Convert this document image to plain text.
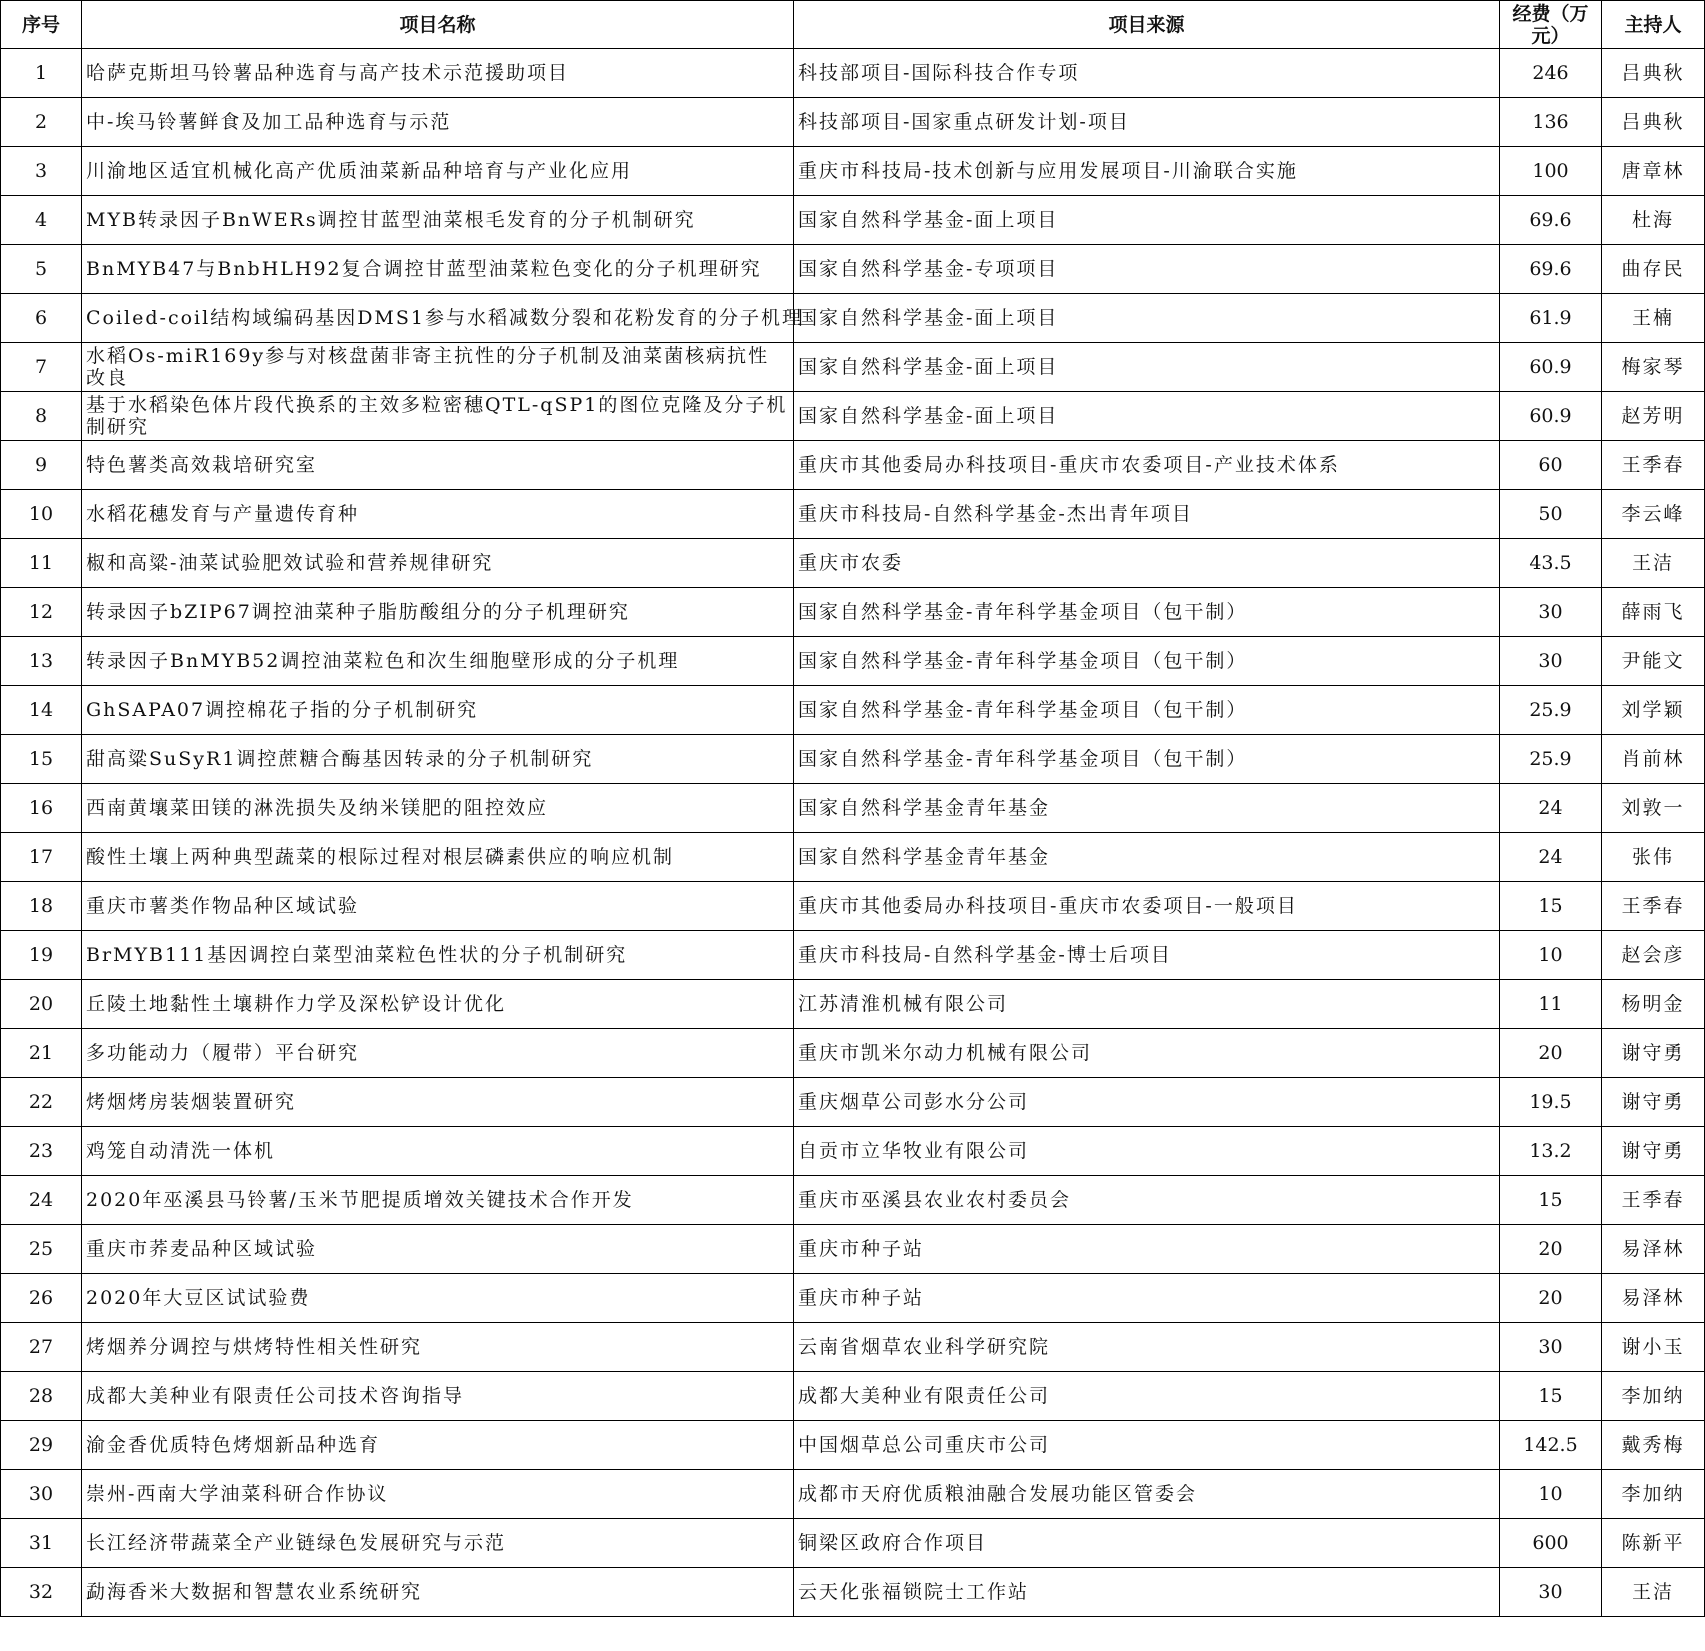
序号	项目名称	项目来源	经费（万元）	主持人
1	哈萨克斯坦马铃薯品种选育与高产技术示范援助项目	科技部项目-国际科技合作专项	246	吕典秋
2	中-埃马铃薯鲜食及加工品种选育与示范	科技部项目-国家重点研发计划-项目	136	吕典秋
3	川渝地区适宜机械化高产优质油菜新品种培育与产业化应用	重庆市科技局-技术创新与应用发展项目-川渝联合实施	100	唐章林
4	MYB转录因子BnWERs调控甘蓝型油菜根毛发育的分子机制研究	国家自然科学基金-面上项目	69.6	杜海
5	BnMYB47与BnbHLH92复合调控甘蓝型油菜粒色变化的分子机理研究	国家自然科学基金-专项项目	69.6	曲存民
6	Coiled-coil结构域编码基因DMS1参与水稻减数分裂和花粉发育的分子机理	国家自然科学基金-面上项目	61.9	王楠
7	水稻Os-miR169y参与对核盘菌非寄主抗性的分子机制及油菜菌核病抗性改良	国家自然科学基金-面上项目	60.9	梅家琴
8	基于水稻染色体片段代换系的主效多粒密穗QTL-qSP1的图位克隆及分子机制研究	国家自然科学基金-面上项目	60.9	赵芳明
9	特色薯类高效栽培研究室	重庆市其他委局办科技项目-重庆市农委项目-产业技术体系	60	王季春
10	水稻花穗发育与产量遗传育种	重庆市科技局-自然科学基金-杰出青年项目	50	李云峰
11	椒和高粱-油菜试验肥效试验和营养规律研究	重庆市农委	43.5	王洁
12	转录因子bZIP67调控油菜种子脂肪酸组分的分子机理研究	国家自然科学基金-青年科学基金项目（包干制）	30	薛雨飞
13	转录因子BnMYB52调控油菜粒色和次生细胞壁形成的分子机理	国家自然科学基金-青年科学基金项目（包干制）	30	尹能文
14	GhSAPA07调控棉花子指的分子机制研究	国家自然科学基金-青年科学基金项目（包干制）	25.9	刘学颖
15	甜高粱SuSyR1调控蔗糖合酶基因转录的分子机制研究	国家自然科学基金-青年科学基金项目（包干制）	25.9	肖前林
16	西南黄壤菜田镁的淋洗损失及纳米镁肥的阻控效应	国家自然科学基金青年基金	24	刘敦一
17	酸性土壤上两种典型蔬菜的根际过程对根层磷素供应的响应机制	国家自然科学基金青年基金	24	张伟
18	重庆市薯类作物品种区域试验	重庆市其他委局办科技项目-重庆市农委项目-一般项目	15	王季春
19	BrMYB111基因调控白菜型油菜粒色性状的分子机制研究	重庆市科技局-自然科学基金-博士后项目	10	赵会彦
20	丘陵土地黏性土壤耕作力学及深松铲设计优化	江苏清淮机械有限公司	11	杨明金
21	多功能动力（履带）平台研究	重庆市凯米尔动力机械有限公司	20	谢守勇
22	烤烟烤房装烟装置研究	重庆烟草公司彭水分公司	19.5	谢守勇
23	鸡笼自动清洗一体机	自贡市立华牧业有限公司	13.2	谢守勇
24	2020年巫溪县马铃薯/玉米节肥提质增效关键技术合作开发	重庆市巫溪县农业农村委员会	15	王季春
25	重庆市荞麦品种区域试验	重庆市种子站	20	易泽林
26	2020年大豆区试试验费	重庆市种子站	20	易泽林
27	烤烟养分调控与烘烤特性相关性研究	云南省烟草农业科学研究院	30	谢小玉
28	成都大美种业有限责任公司技术咨询指导	成都大美种业有限责任公司	15	李加纳
29	渝金香优质特色烤烟新品种选育	中国烟草总公司重庆市公司	142.5	戴秀梅
30	崇州-西南大学油菜科研合作协议	成都市天府优质粮油融合发展功能区管委会	10	李加纳
31	长江经济带蔬菜全产业链绿色发展研究与示范	铜梁区政府合作项目	600	陈新平
32	勐海香米大数据和智慧农业系统研究	云天化张福锁院士工作站	30	王洁
